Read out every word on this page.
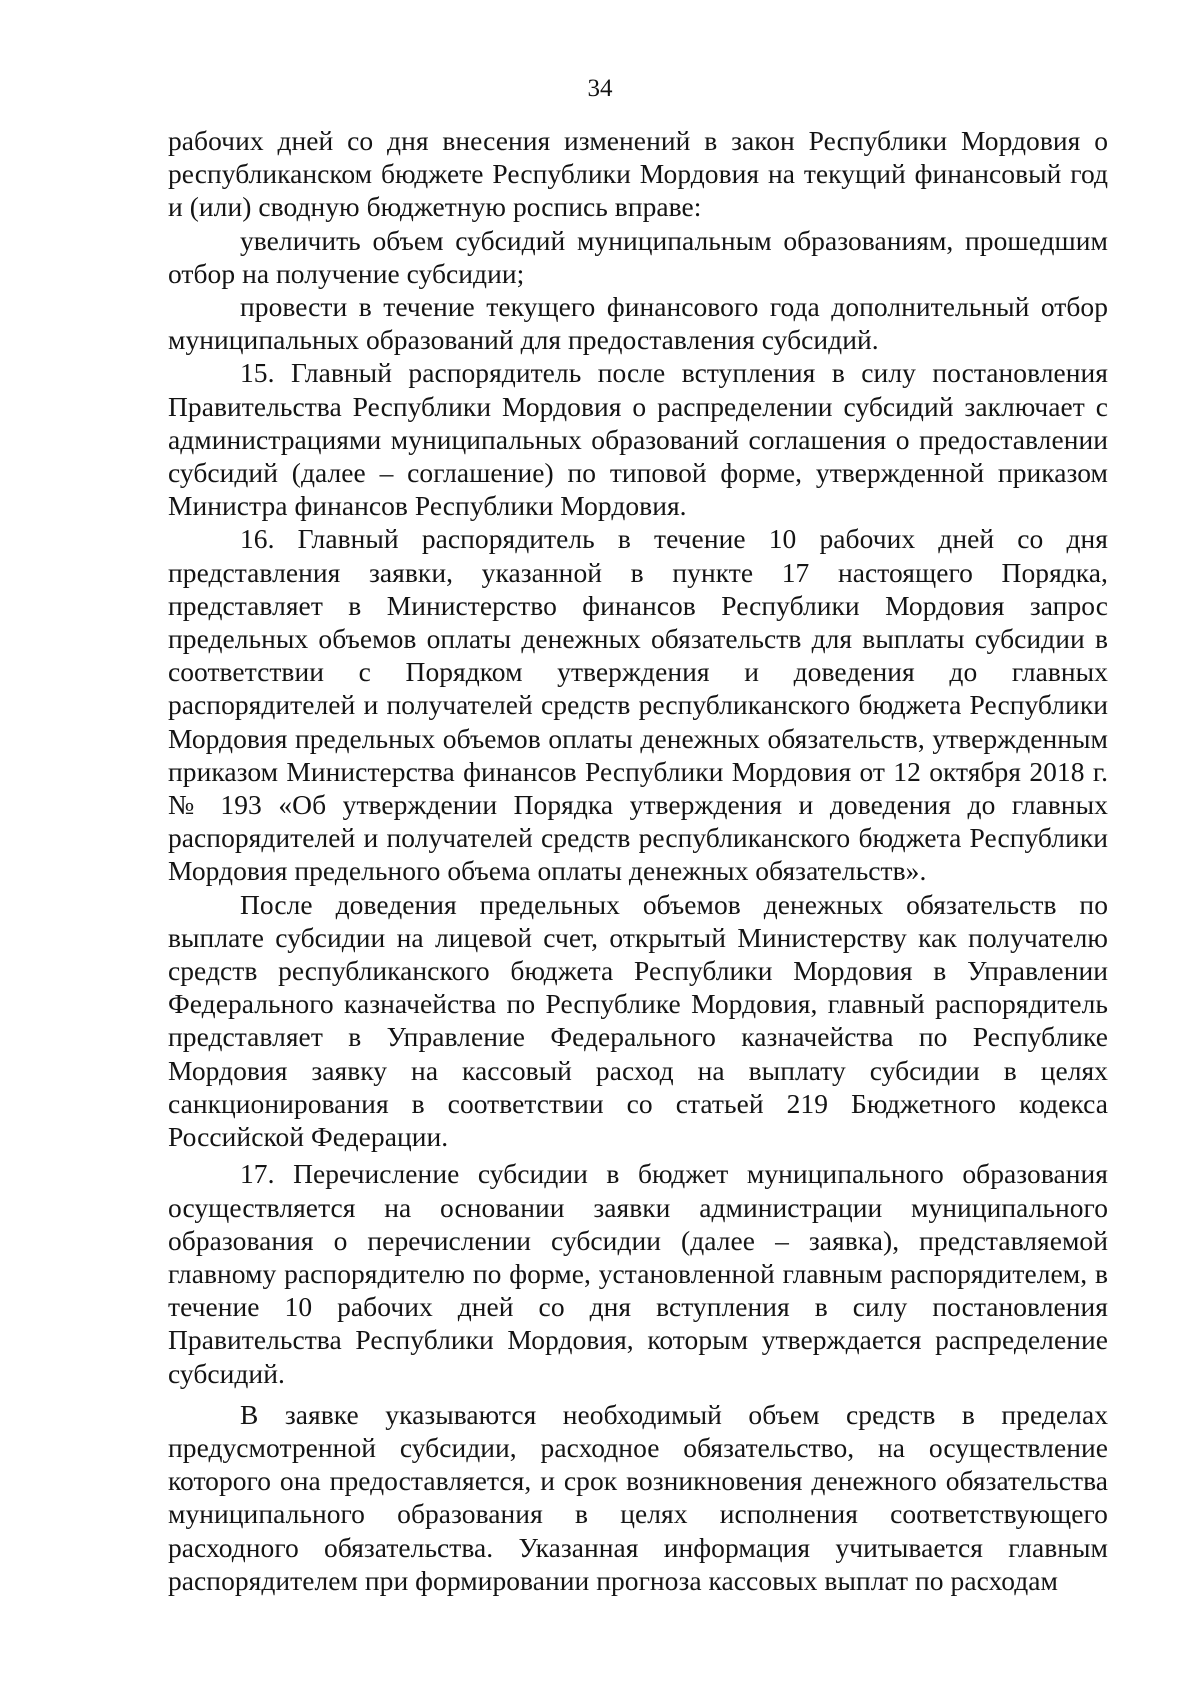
34

рабочих дней со дня внесения изменений в закон Республики Мордовия о республиканском бюджете Республики Мордовия на текущий финансовый год и (или) сводную бюджетную роспись вправе:

увеличить объем субсидий муниципальным образованиям, прошедшим отбор на получение субсидии;

провести в течение текущего финансового года дополнительный отбор муниципальных образований для предоставления субсидий.

15. Главный распорядитель после вступления в силу постановления Правительства Республики Мордовия о распределении субсидий заключает с администрациями муниципальных образований соглашения о предоставлении субсидий (далее – соглашение) по типовой форме, утвержденной приказом Министра финансов Республики Мордовия.

16. Главный распорядитель в течение 10 рабочих дней со дня представления заявки, указанной в пункте 17 настоящего Порядка, представляет в Министерство финансов Республики Мордовия запрос предельных объемов оплаты денежных обязательств для выплаты субсидии в соответствии с Порядком утверждения и доведения до главных распорядителей и получателей средств республиканского бюджета Республики Мордовия предельных объемов оплаты денежных обязательств, утвержденным приказом Министерства финансов Республики Мордовия от 12 октября 2018 г. № 193 «Об утверждении Порядка утверждения и доведения до главных распорядителей и получателей средств республиканского бюджета Республики Мордовия предельного объема оплаты денежных обязательств».

После доведения предельных объемов денежных обязательств по выплате субсидии на лицевой счет, открытый Министерству как получателю средств республиканского бюджета Республики Мордовия в Управлении Федерального казначейства по Республике Мордовия, главный распорядитель представляет в Управление Федерального казначейства по Республике Мордовия заявку на кассовый расход на выплату субсидии в целях санкционирования в соответствии со статьей 219 Бюджетного кодекса Российской Федерации.

17. Перечисление субсидии в бюджет муниципального образования осуществляется на основании заявки администрации муниципального образования о перечислении субсидии (далее – заявка), представляемой главному распорядителю по форме, установленной главным распорядителем, в течение 10 рабочих дней со дня вступления в силу постановления Правительства Республики Мордовия, которым утверждается распределение субсидий.

В заявке указываются необходимый объем средств в пределах предусмотренной субсидии, расходное обязательство, на осуществление которого она предоставляется, и срок возникновения денежного обязательства муниципального образования в целях исполнения соответствующего расходного обязательства. Указанная информация учитывается главным распорядителем при формировании прогноза кассовых выплат по расходам
